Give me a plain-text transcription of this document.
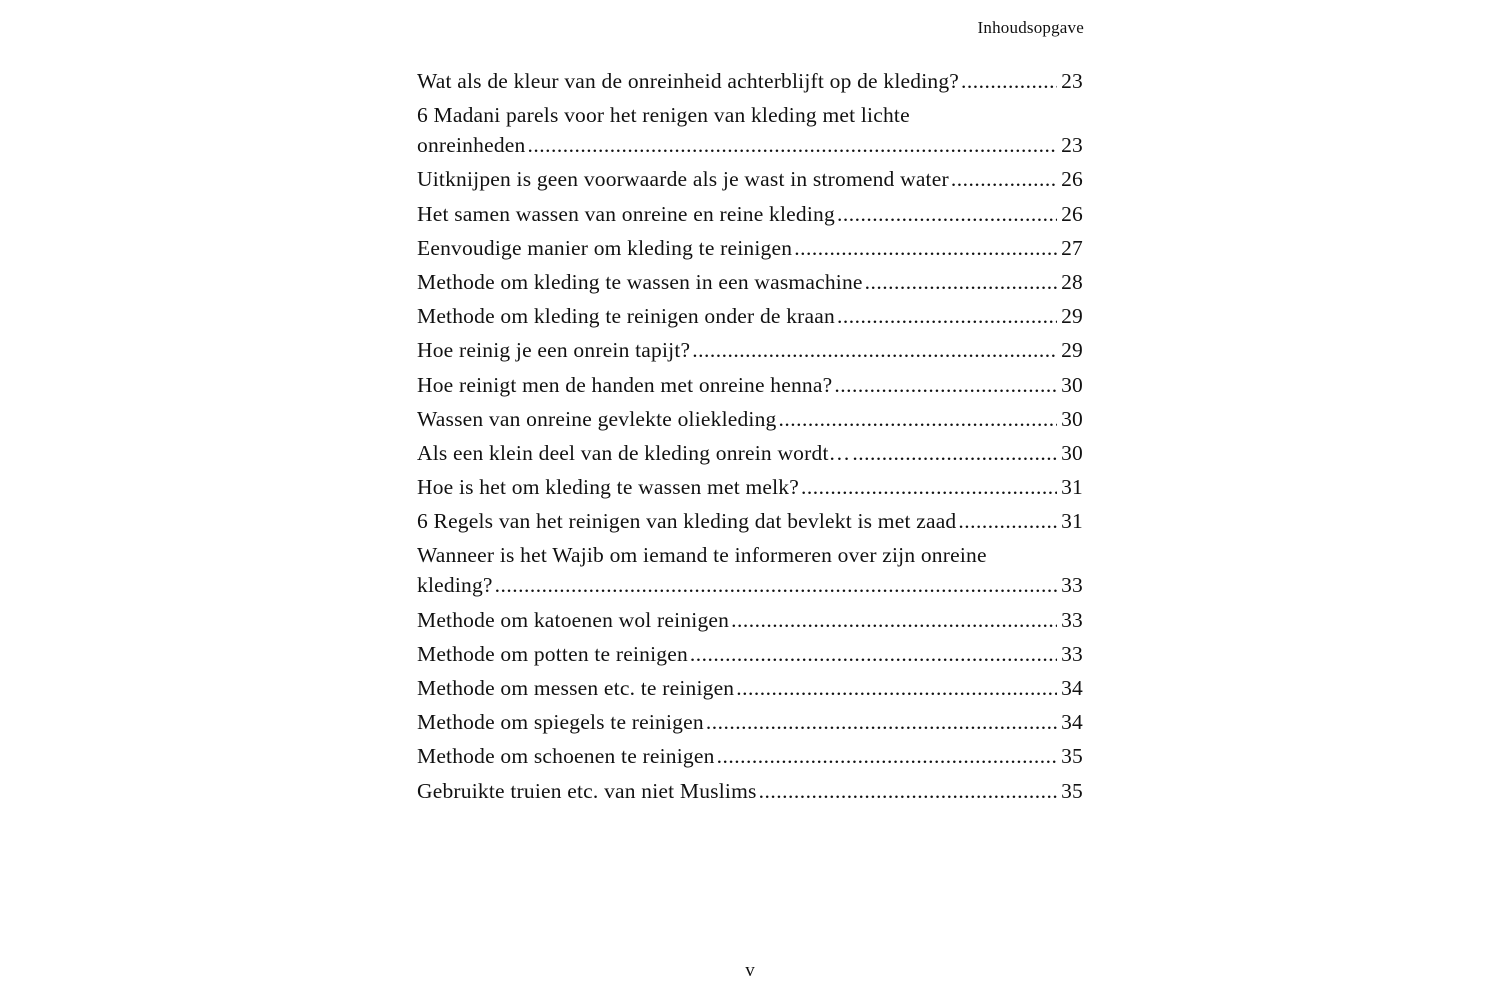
Inhoudsopgave
Wat als de kleur van de onreinheid achterblijft op de kleding? .....	23
6 Madani parels voor het renigen van kleding met lichte
onreinheden .....	23
Uitknijpen is geen voorwaarde als je wast in stromend water .....	26
Het samen wassen van onreine en reine kleding .....	26
Eenvoudige manier om kleding te reinigen .....	27
Methode om kleding te wassen in een wasmachine .....	28
Methode om kleding te reinigen onder de kraan .....	29
Hoe reinig je een onrein tapijt? .....	29
Hoe reinigt men de handen met onreine henna? .....	30
Wassen van onreine gevlekte oliekleding .....	30
Als een klein deel van de kleding onrein wordt… .....	30
Hoe is het om kleding te wassen met melk? .....	31
6 Regels van het reinigen van kleding dat bevlekt is met zaad .....	31
Wanneer is het Wajib om iemand te informeren over zijn onreine
kleding? .....	33
Methode om katoenen wol reinigen .....	33
Methode om potten te reinigen .....	33
Methode om messen etc. te reinigen .....	34
Methode om spiegels te reinigen .....	34
Methode om schoenen te reinigen .....	35
Gebruikte truien etc. van niet Muslims .....	35
v
